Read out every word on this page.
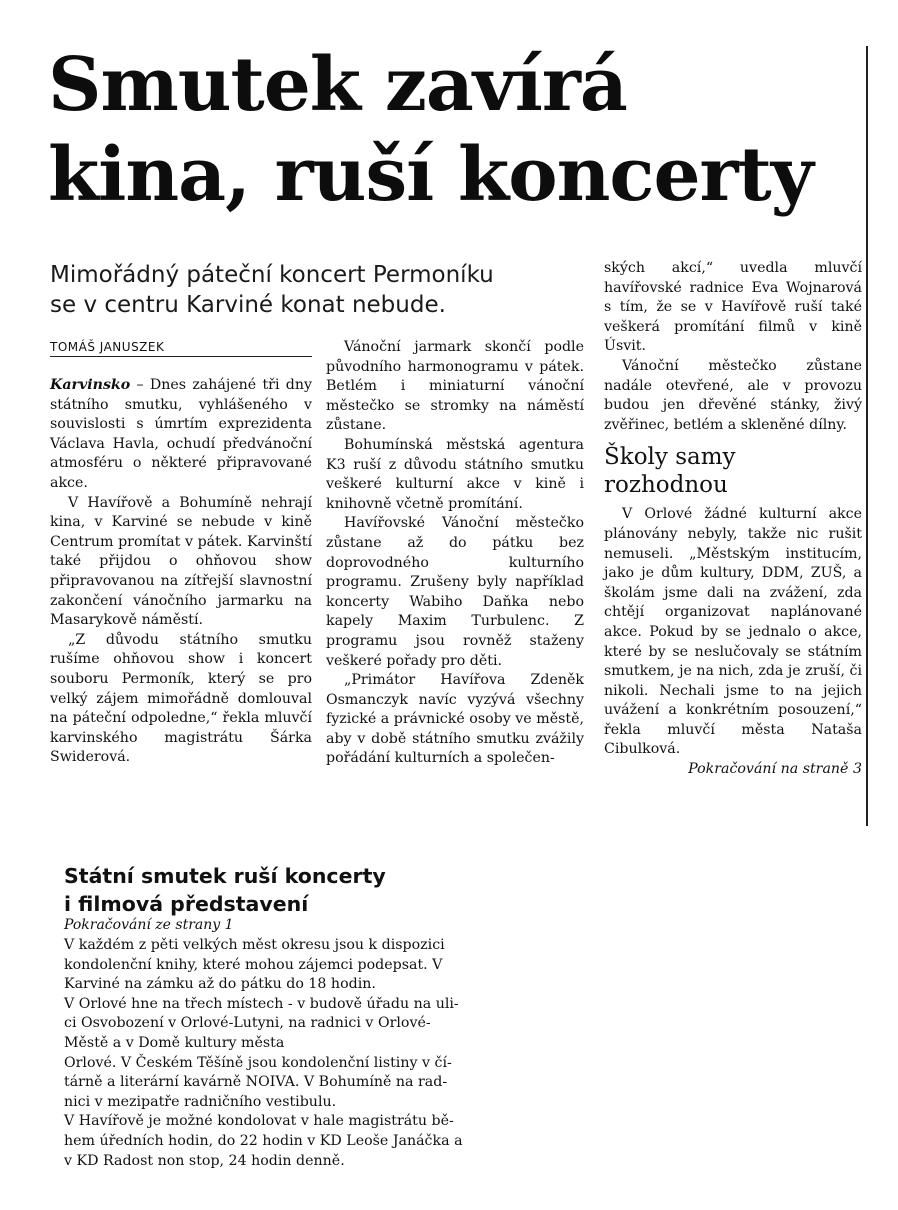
Smutek zavírá
kina, ruší koncerty
Mimořádný páteční koncert Permoníku
se v centru Karviné konat nebude.
TOMÁŠ JANUSZEK

Karvinsko – Dnes zahájené tři dny státního smutku, vyhlášeného v souvislosti s úmrtím exprezidenta Václava Havla, ochudí předvánoční atmosféru o některé připravované akce.

V Havířově a Bohumíně nehrají kina, v Karviné se nebude v kině Centrum promítat v pátek. Karvinští také přijdou o ohňovou show připravovanou na zítřejší slavnostní zakončení vánočního jarmarku na Masarykově náměstí.

„Z důvodu státního smutku rušíme ohňovou show i koncert souboru Permoník, který se pro velký zájem mimořádně domlouval na páteční odpoledne,“ řekla mluvčí karvinského magistrátu Šárka Swiderová.

Vánoční jarmark skončí podle původního harmonogramu v pátek. Betlém i miniaturní vánoční městečko se stromky na náměstí zůstane.

Bohumínská městská agentura K3 ruší z důvodu státního smutku veškeré kulturní akce v kině i knihovně včetně promítání.

Havířovské Vánoční městečko zůstane až do pátku bez doprovodného kulturního programu. Zrušeny byly například koncerty Wabiho Daňka nebo kapely Maxim Turbulenc. Z programu jsou rovněž staženy veškeré pořady pro děti.

„Primátor Havířova Zdeněk Osmanczyk navíc vyzývá všechny fyzické a právnické osoby ve městě, aby v době státního smutku zvážily pořádání kulturních a společen-

ských akcí,“ uvedla mluvčí havířovské radnice Eva Wojnarová s tím, že se v Havířově ruší také veškerá promítání filmů v kině Úsvit.

Vánoční městečko zůstane nadále otevřené, ale v provozu budou jen dřevěné stánky, živý zvěřinec, betlém a skleněné dílny.

Školy samy rozhodnou

V Orlové žádné kulturní akce plánovány nebyly, takže nic rušit nemuseli. „Městským institucím, jako je dům kultury, DDM, ZUŠ, a školám jsme dali na zvážení, zda chtějí organizovat naplánované akce. Pokud by se jednalo o akce, které by se neslučovaly se státním smutkem, je na nich, zda je zruší, či nikoli. Nechali jsme to na jejich uvážení a konkrétním posouzení,“ řekla mluvčí města Nataša Cibulková.

Pokračování na straně 3

Státní smutek ruší koncerty
i filmová představení
Pokračování ze strany 1
V každém z pěti velkých měst okresu jsou k dispozici
kondolenční knihy, které mohou zájemci podepsat. V
Karviné na zámku až do pátku do 18 hodin.
V Orlové hne na třech místech - v budově úřadu na uli-
ci Osvobození v Orlové-Lutyni, na radnici v Orlové-
Městě a v Domě kultury města
Orlové. V Českém Těšíně jsou kondolenční listiny v čí-
tárně a literární kavárně NOIVA. V Bohumíně na rad-
nici v mezipatře radničního vestibulu.
V Havířově je možné kondolovat v hale magistrátu bě-
hem úředních hodin, do 22 hodin v KD Leoše Janáčka a
v KD Radost non stop, 24 hodin denně.
